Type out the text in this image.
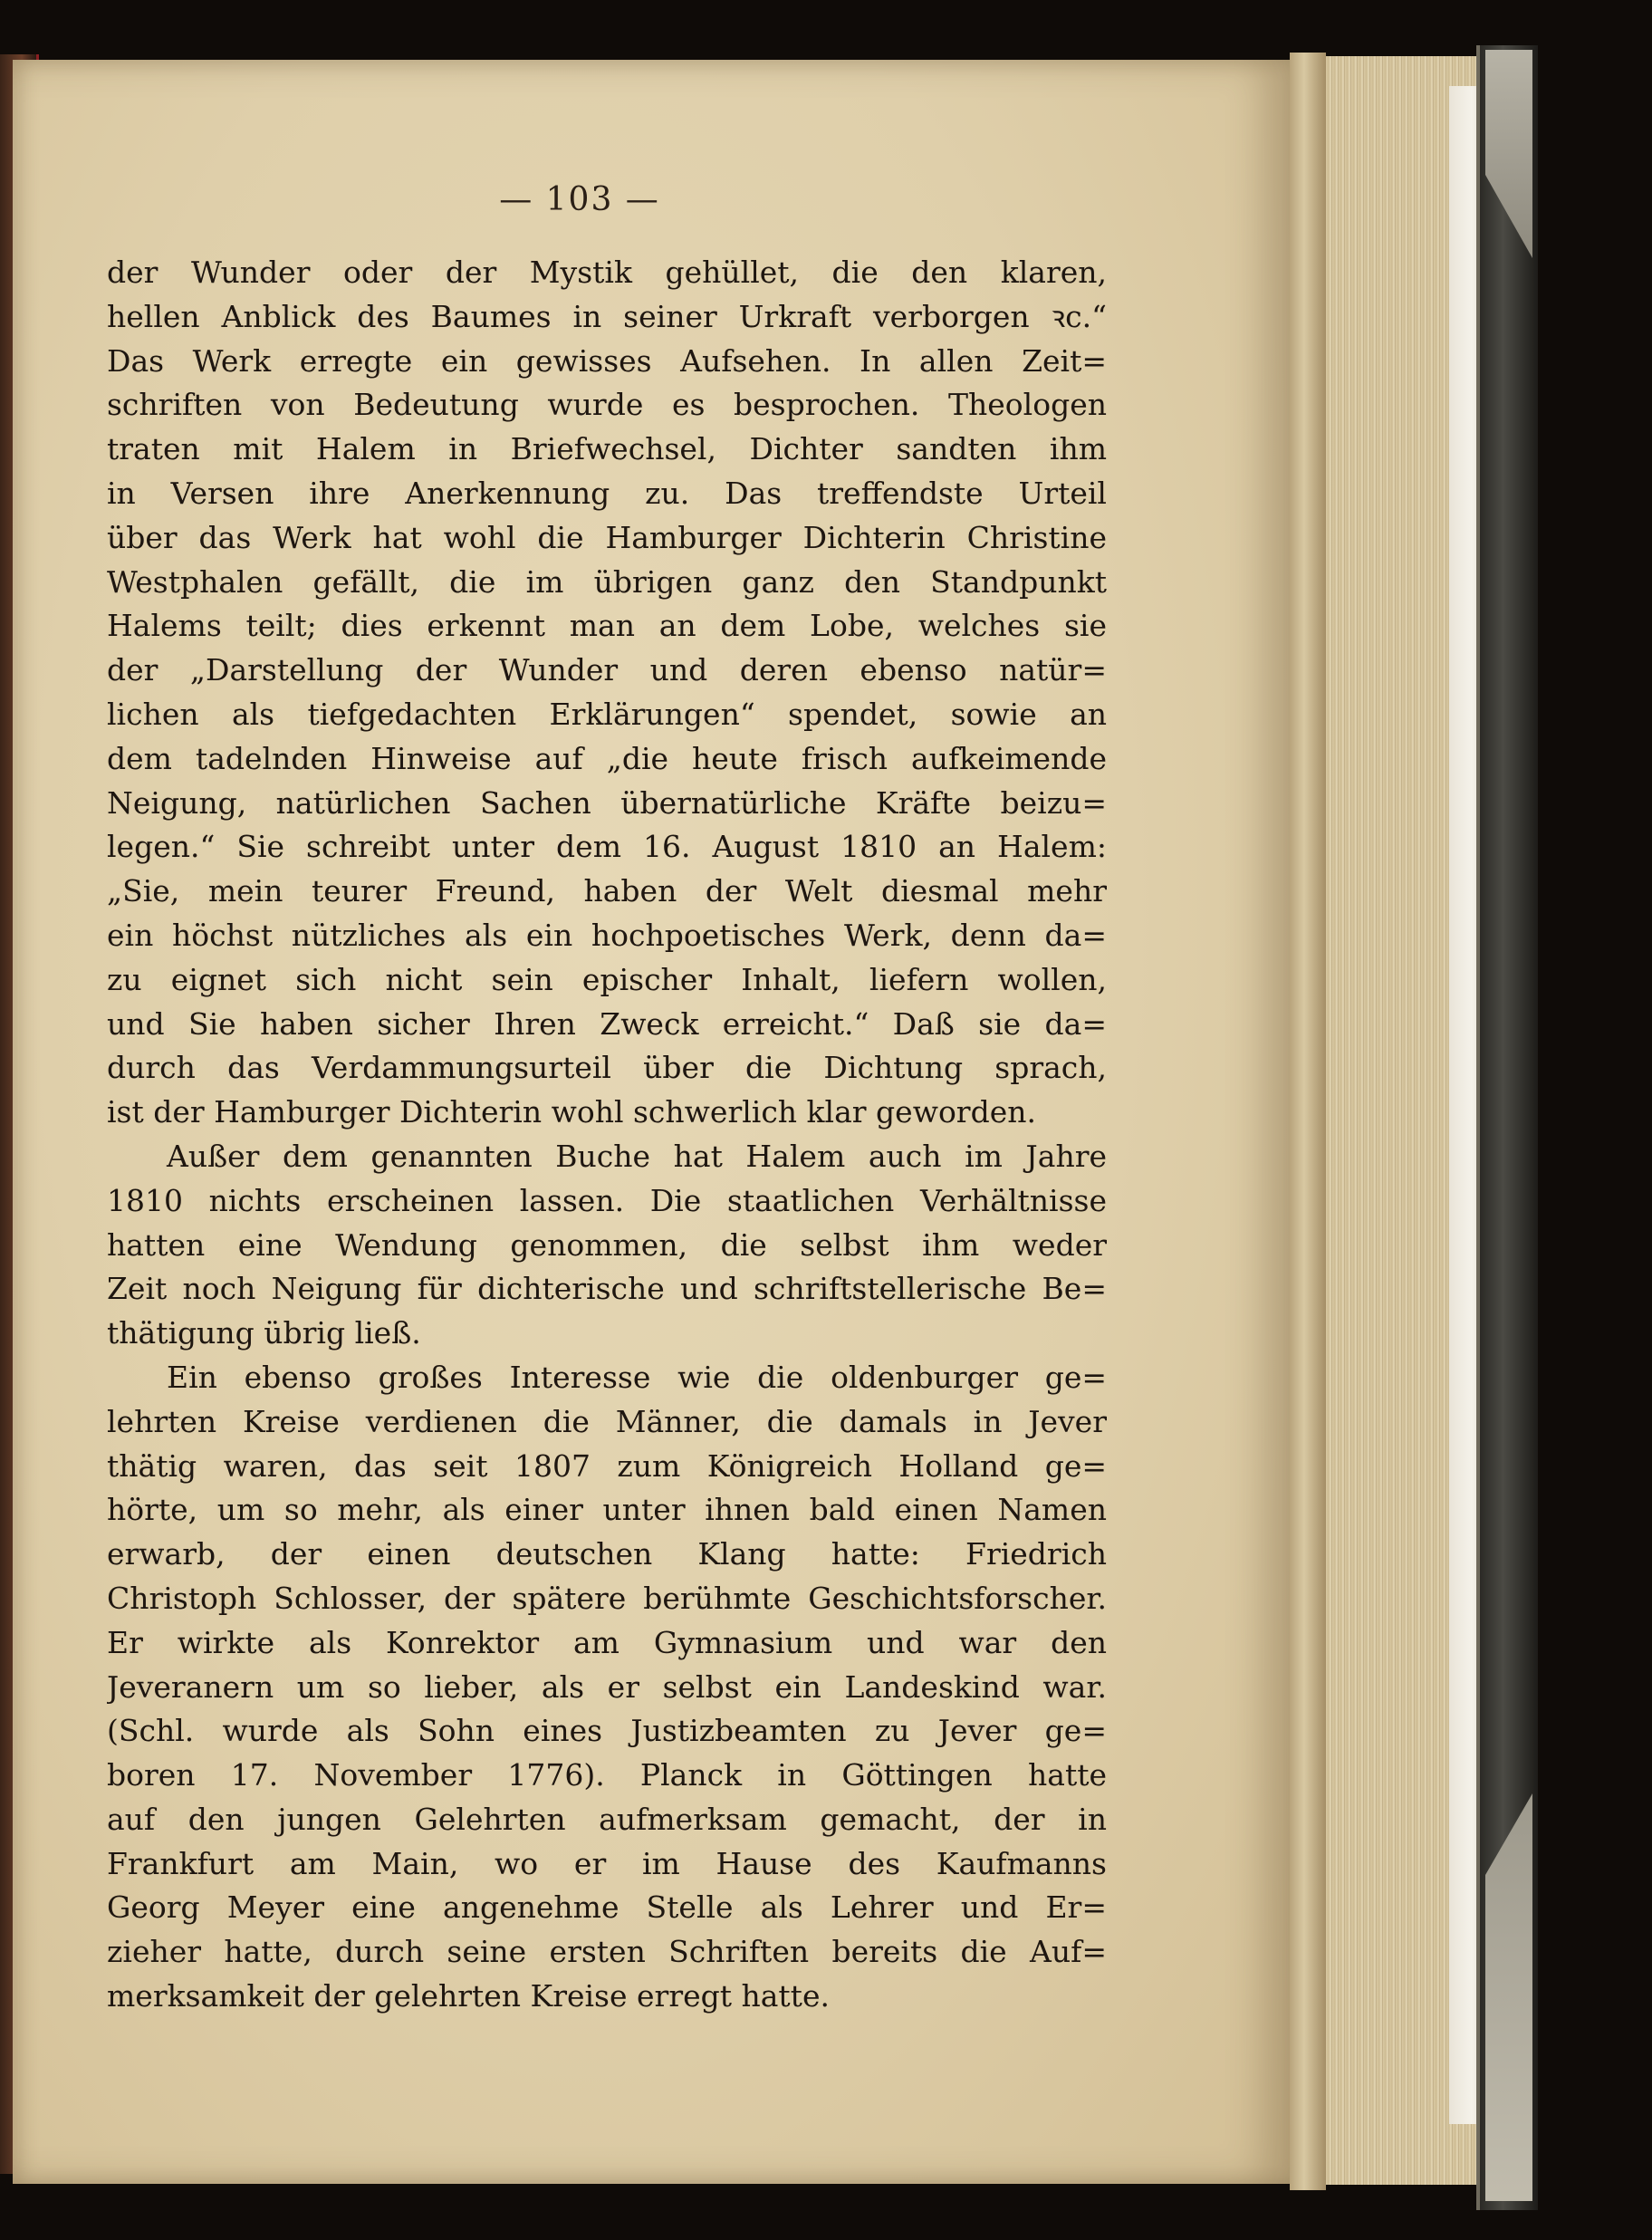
— 103 —
der Wunder oder der Mystik gehüllet, die den klaren,
hellen Anblick des Baumes in seiner Urkraft verborgen ꝛc.“
Das Werk erregte ein gewisses Aufsehen. In allen Zeit=
schriften von Bedeutung wurde es besprochen. Theologen
traten mit Halem in Briefwechsel, Dichter sandten ihm
in Versen ihre Anerkennung zu. Das treffendste Urteil
über das Werk hat wohl die Hamburger Dichterin Christine
Westphalen gefällt, die im übrigen ganz den Standpunkt
Halems teilt; dies erkennt man an dem Lobe, welches sie
der „Darstellung der Wunder und deren ebenso natür=
lichen als tiefgedachten Erklärungen“ spendet, sowie an
dem tadelnden Hinweise auf „die heute frisch aufkeimende
Neigung, natürlichen Sachen übernatürliche Kräfte beizu=
legen.“ Sie schreibt unter dem 16. August 1810 an Halem:
„Sie, mein teurer Freund, haben der Welt diesmal mehr
ein höchst nützliches als ein hochpoetisches Werk, denn da=
zu eignet sich nicht sein epischer Inhalt, liefern wollen,
und Sie haben sicher Ihren Zweck erreicht.“ Daß sie da=
durch das Verdammungsurteil über die Dichtung sprach,
ist der Hamburger Dichterin wohl schwerlich klar geworden.
Außer dem genannten Buche hat Halem auch im Jahre
1810 nichts erscheinen lassen. Die staatlichen Verhältnisse
hatten eine Wendung genommen, die selbst ihm weder
Zeit noch Neigung für dichterische und schriftstellerische Be=
thätigung übrig ließ.
Ein ebenso großes Interesse wie die oldenburger ge=
lehrten Kreise verdienen die Männer, die damals in Jever
thätig waren, das seit 1807 zum Königreich Holland ge=
hörte, um so mehr, als einer unter ihnen bald einen Namen
erwarb, der einen deutschen Klang hatte: Friedrich
Christoph Schlosser, der spätere berühmte Geschichtsforscher.
Er wirkte als Konrektor am Gymnasium und war den
Jeveranern um so lieber, als er selbst ein Landeskind war.
(Schl. wurde als Sohn eines Justizbeamten zu Jever ge=
boren 17. November 1776). Planck in Göttingen hatte
auf den jungen Gelehrten aufmerksam gemacht, der in
Frankfurt am Main, wo er im Hause des Kaufmanns
Georg Meyer eine angenehme Stelle als Lehrer und Er=
zieher hatte, durch seine ersten Schriften bereits die Auf=
merksamkeit der gelehrten Kreise erregt hatte.
